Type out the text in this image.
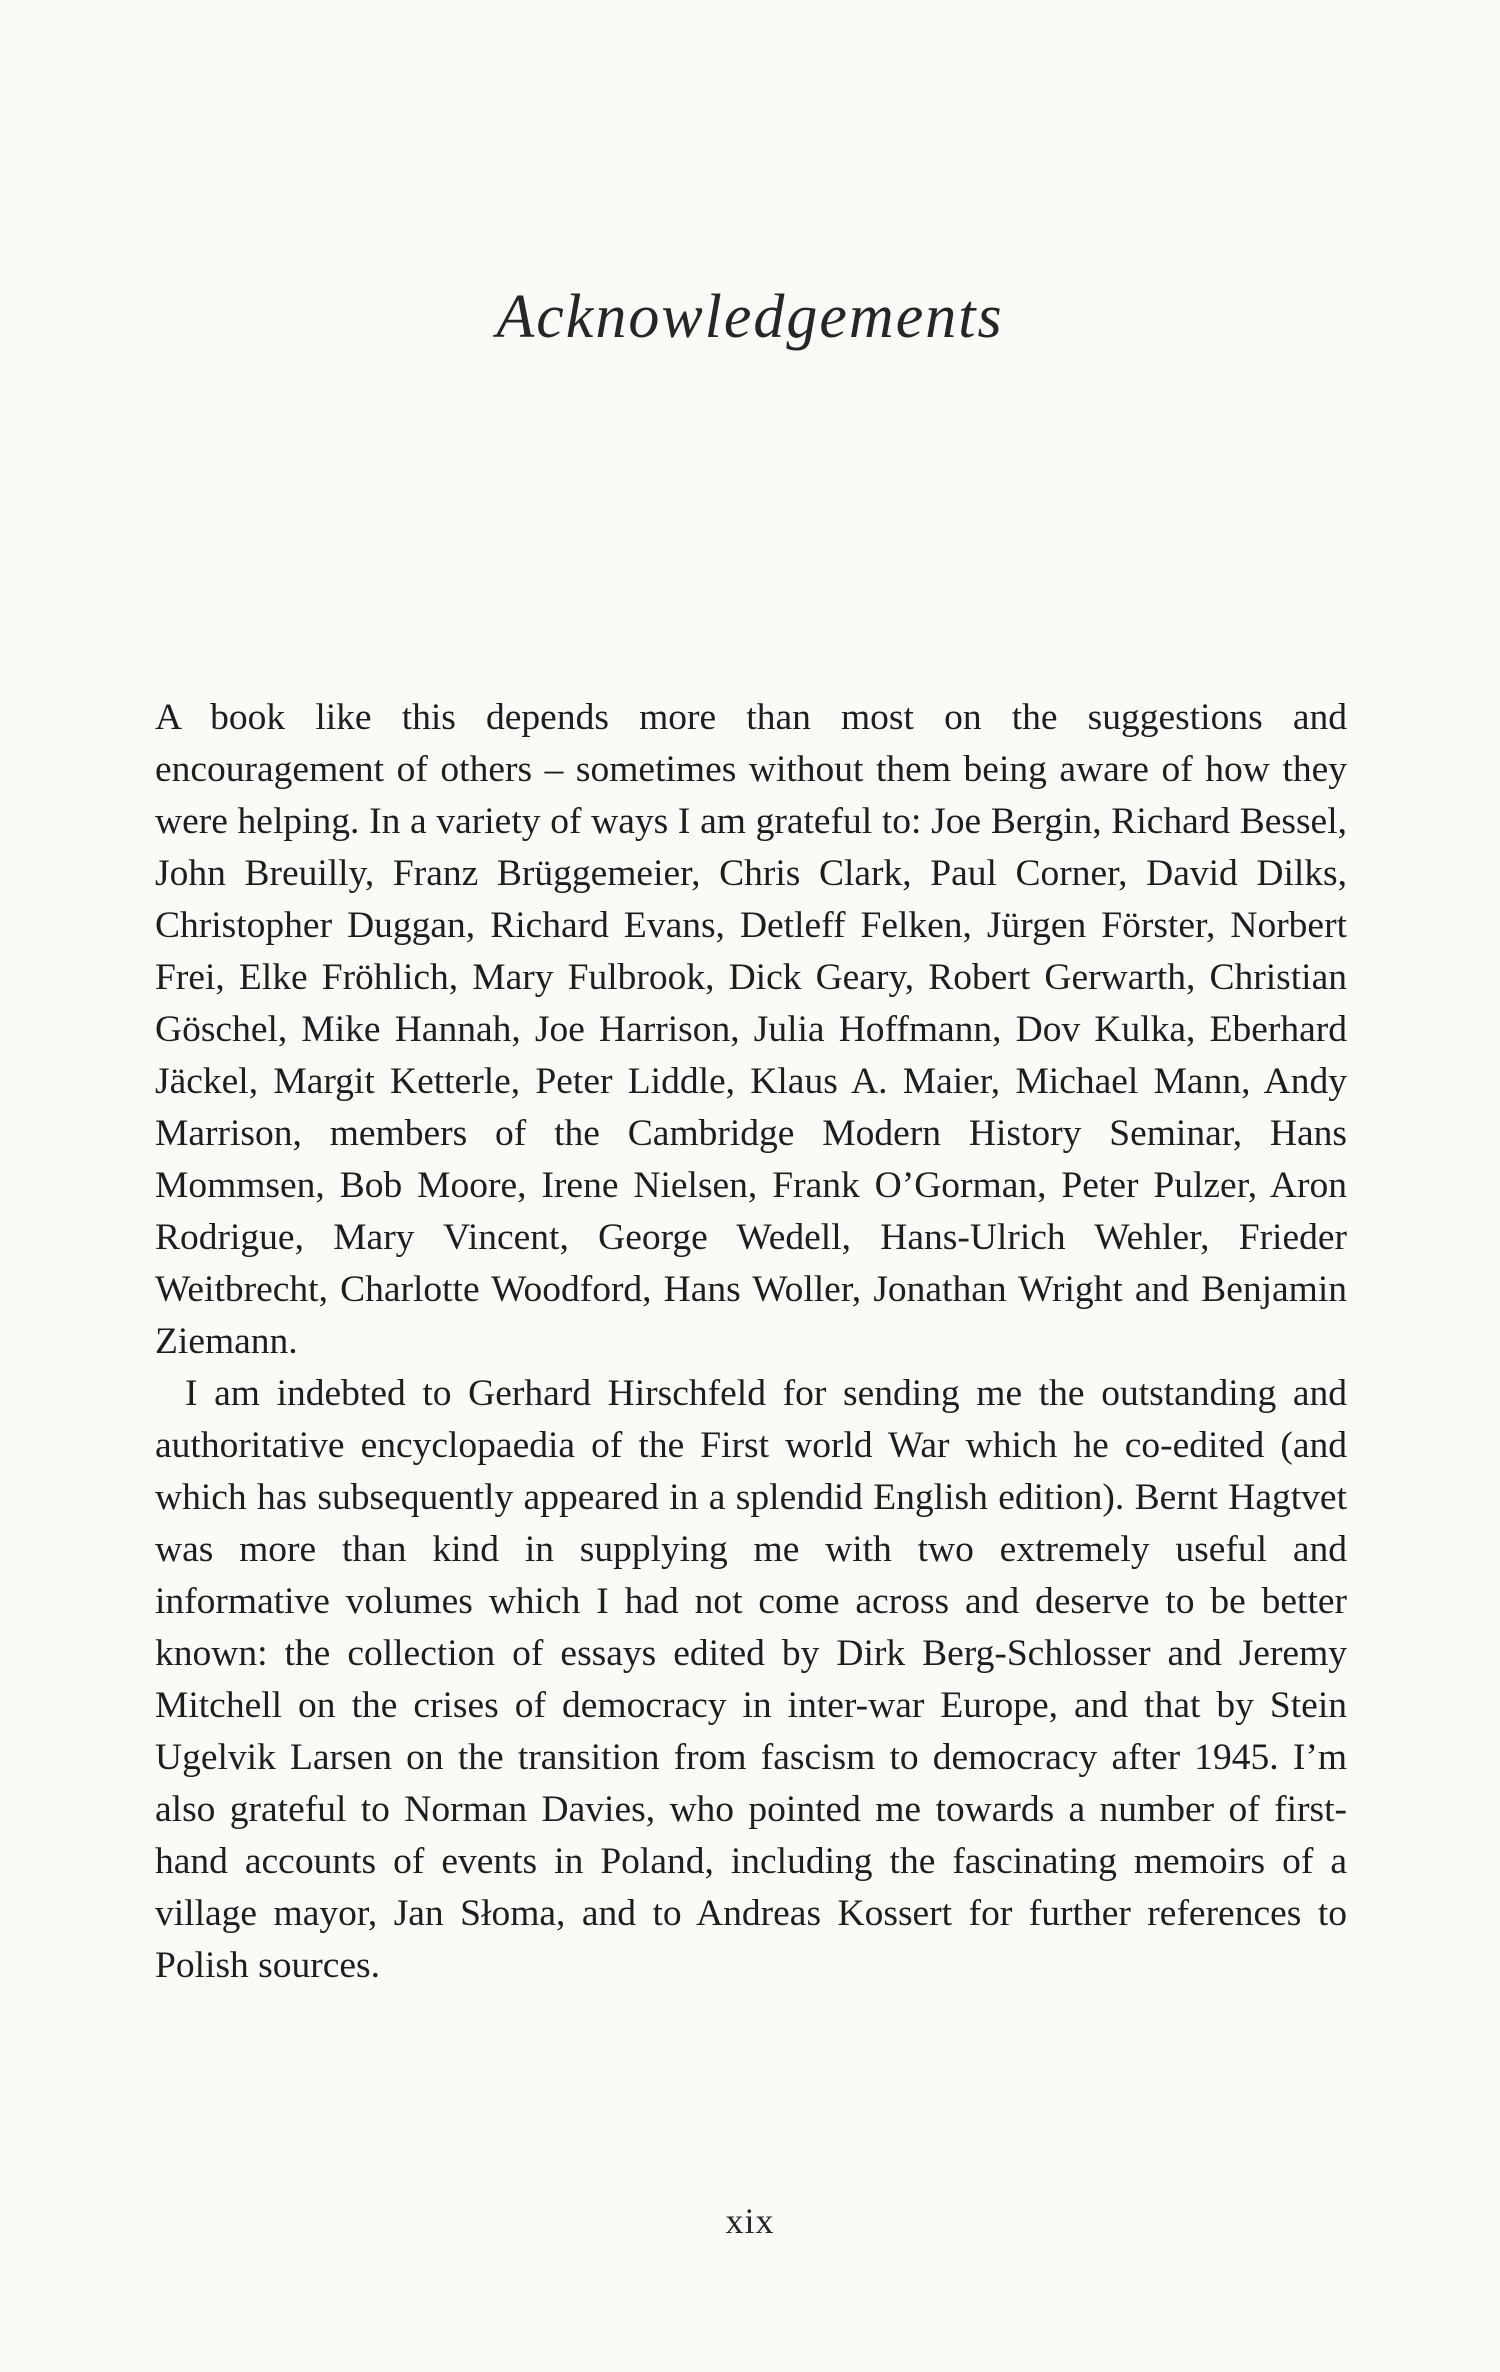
Acknowledgements

A book like this depends more than most on the suggestions and encouragement of others – sometimes without them being aware of how they were helping. In a variety of ways I am grateful to: Joe Bergin, Richard Bessel, John Breuilly, Franz Brüggemeier, Chris Clark, Paul Corner, David Dilks, Christopher Duggan, Richard Evans, Detleff Felken, Jürgen Förster, Norbert Frei, Elke Fröhlich, Mary Fulbrook, Dick Geary, Robert Gerwarth, Christian Göschel, Mike Hannah, Joe Harrison, Julia Hoffmann, Dov Kulka, Eberhard Jäckel, Margit Ketterle, Peter Liddle, Klaus A. Maier, Michael Mann, Andy Marrison, members of the Cambridge Modern History Seminar, Hans Mommsen, Bob Moore, Irene Nielsen, Frank O’Gorman, Peter Pulzer, Aron Rodrigue, Mary Vincent, George Wedell, Hans-Ulrich Wehler, Frieder Weitbrecht, Charlotte Woodford, Hans Woller, Jonathan Wright and Benjamin Ziemann.

I am indebted to Gerhard Hirschfeld for sending me the outstanding and authoritative encyclopaedia of the First world War which he co-edited (and which has subsequently appeared in a splendid English edition). Bernt Hagtvet was more than kind in supplying me with two extremely useful and informative volumes which I had not come across and deserve to be better known: the collection of essays edited by Dirk Berg-Schlosser and Jeremy Mitchell on the crises of democracy in inter-war Europe, and that by Stein Ugelvik Larsen on the transition from fascism to democracy after 1945. I’m also grateful to Norman Davies, who pointed me towards a number of first-hand accounts of events in Poland, including the fascinating memoirs of a village mayor, Jan Słoma, and to Andreas Kossert for further references to Polish sources.

xix
